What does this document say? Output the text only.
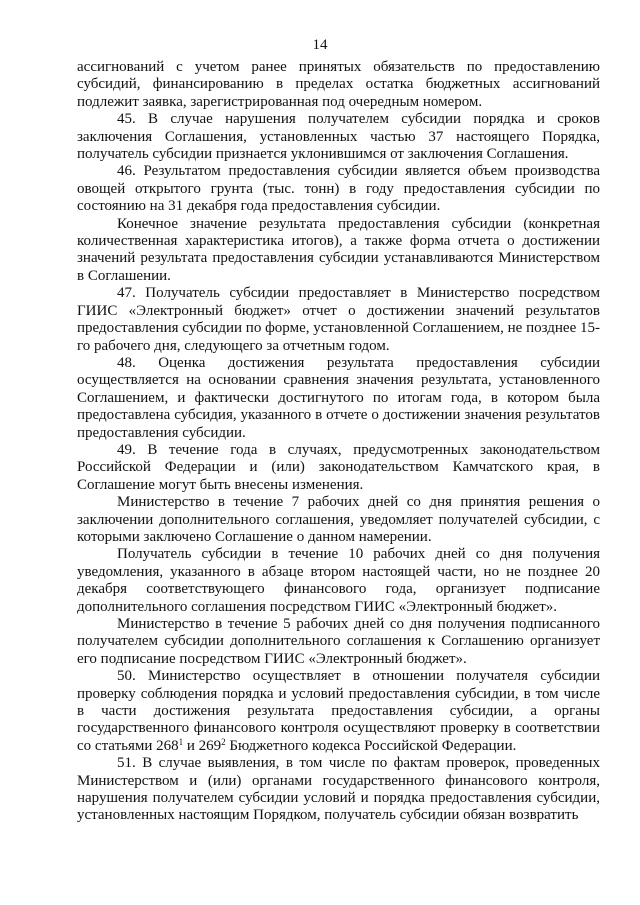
14

ассигнований с учетом ранее принятых обязательств по предоставлению субсидий, финансированию в пределах остатка бюджетных ассигнований подлежит заявка, зарегистрированная под очередным номером.

45. В случае нарушения получателем субсидии порядка и сроков заключения Соглашения, установленных частью 37 настоящего Порядка, получатель субсидии признается уклонившимся от заключения Соглашения.

46. Результатом предоставления субсидии является объем производства овощей открытого грунта (тыс. тонн) в году предоставления субсидии по состоянию на 31 декабря года предоставления субсидии.

Конечное значение результата предоставления субсидии (конкретная количественная характеристика итогов), а также форма отчета о достижении значений результата предоставления субсидии устанавливаются Министерством в Соглашении.

47. Получатель субсидии предоставляет в Министерство посредством ГИИС «Электронный бюджет» отчет о достижении значений результатов предоставления субсидии по форме, установленной Соглашением, не позднее 15-го рабочего дня, следующего за отчетным годом.

48. Оценка достижения результата предоставления субсидии осуществляется на основании сравнения значения результата, установленного Соглашением, и фактически достигнутого по итогам года, в котором была предоставлена субсидия, указанного в отчете о достижении значения результатов предоставления субсидии.

49. В течение года в случаях, предусмотренных законодательством Российской Федерации и (или) законодательством Камчатского края, в Соглашение могут быть внесены изменения.

Министерство в течение 7 рабочих дней со дня принятия решения о заключении дополнительного соглашения, уведомляет получателей субсидии, с которыми заключено Соглашение о данном намерении.

Получатель субсидии в течение 10 рабочих дней со дня получения уведомления, указанного в абзаце втором настоящей части, но не позднее 20 декабря соответствующего финансового года, организует подписание дополнительного соглашения посредством ГИИС «Электронный бюджет».

Министерство в течение 5 рабочих дней со дня получения подписанного получателем субсидии дополнительного соглашения к Соглашению организует его подписание посредством ГИИС «Электронный бюджет».

50. Министерство осуществляет в отношении получателя субсидии проверку соблюдения порядка и условий предоставления субсидии, в том числе в части достижения результата предоставления субсидии, а органы государственного финансового контроля осуществляют проверку в соответствии со статьями $268^1$ и $269^2$ Бюджетного кодекса Российской Федерации.

51. В случае выявления, в том числе по фактам проверок, проведенных Министерством и (или) органами государственного финансового контроля, нарушения получателем субсидии условий и порядка предоставления субсидии, установленных настоящим Порядком, получатель субсидии обязан возвратить
